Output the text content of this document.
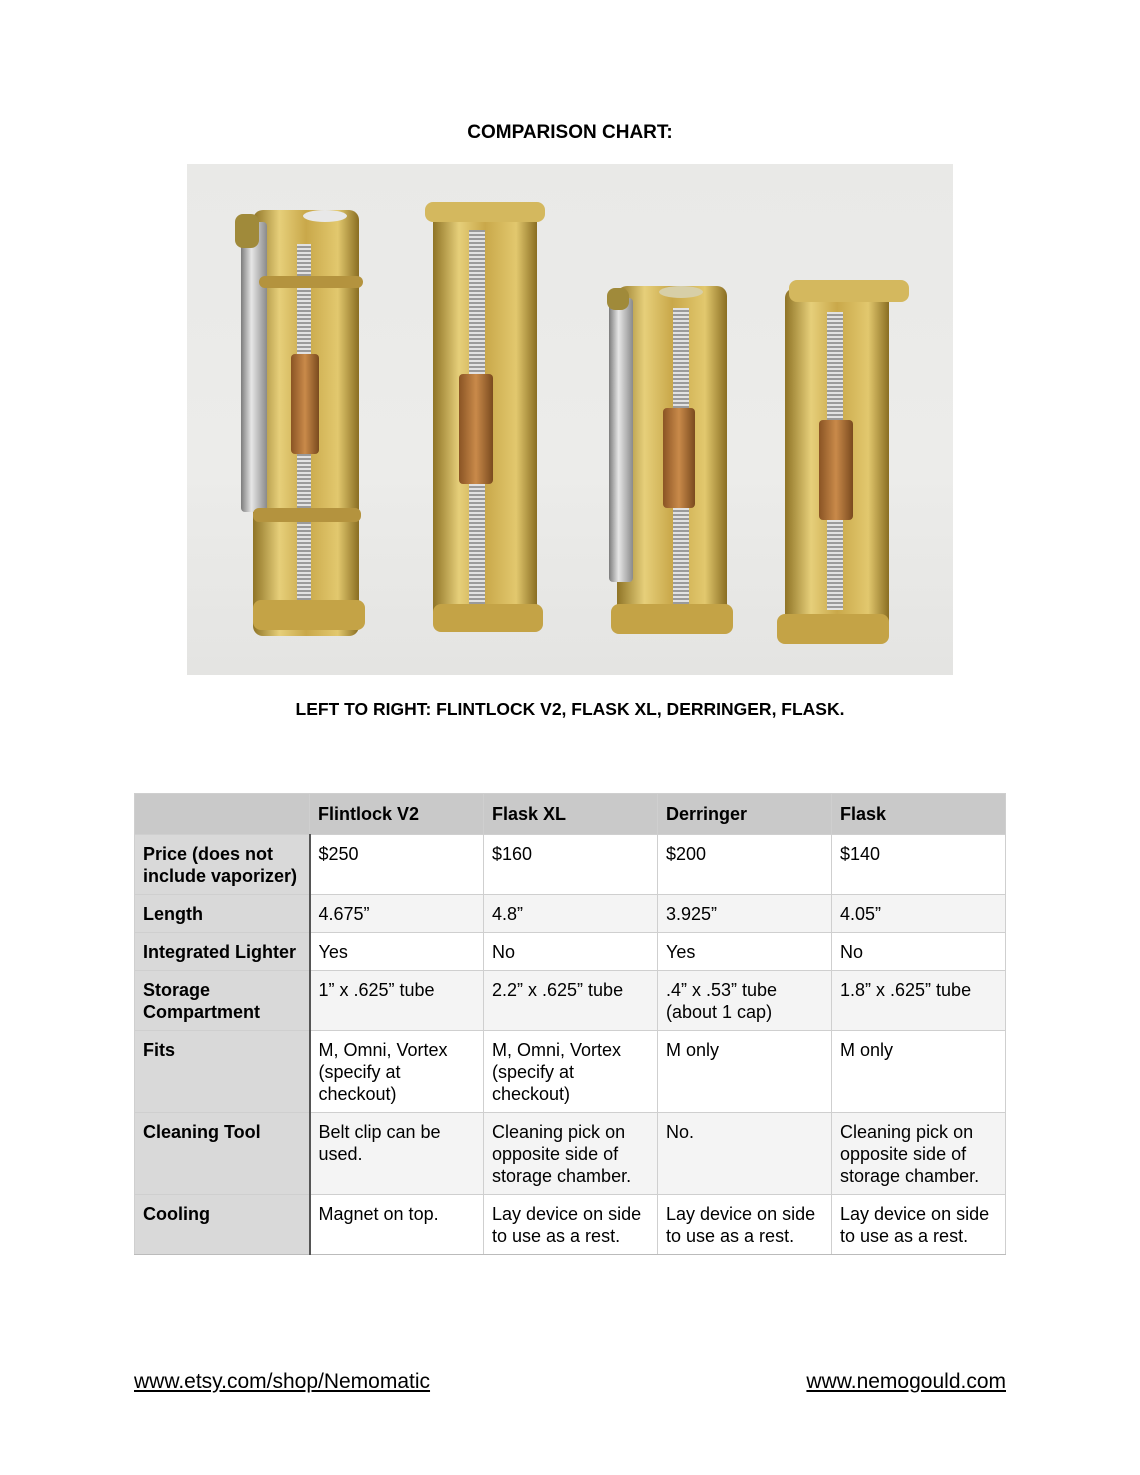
COMPARISON CHART:
LEFT TO RIGHT: FLINTLOCK V2, FLASK XL, DERRINGER, FLASK.
	Flintlock V2	Flask XL	Derringer	Flask
Price (does not include vaporizer)	$250	$160	$200	$140
Length	4.675”	4.8”	3.925”	4.05”
Integrated Lighter	Yes	No	Yes	No
Storage Compartment	1” x .625” tube	2.2” x .625” tube	.4” x .53” tube (about 1 cap)	1.8” x .625” tube
Fits	M, Omni, Vortex (specify at checkout)	M, Omni, Vortex (specify at checkout)	M only	M only
Cleaning Tool	Belt clip can be used.	Cleaning pick on opposite side of storage chamber.	No.	Cleaning pick on opposite side of storage chamber.
Cooling	Magnet on top.	Lay device on side to use as a rest.	Lay device on side to use as a rest.	Lay device on side to use as a rest.
www.etsy.com/shop/Nemomatic	www.nemogould.com
